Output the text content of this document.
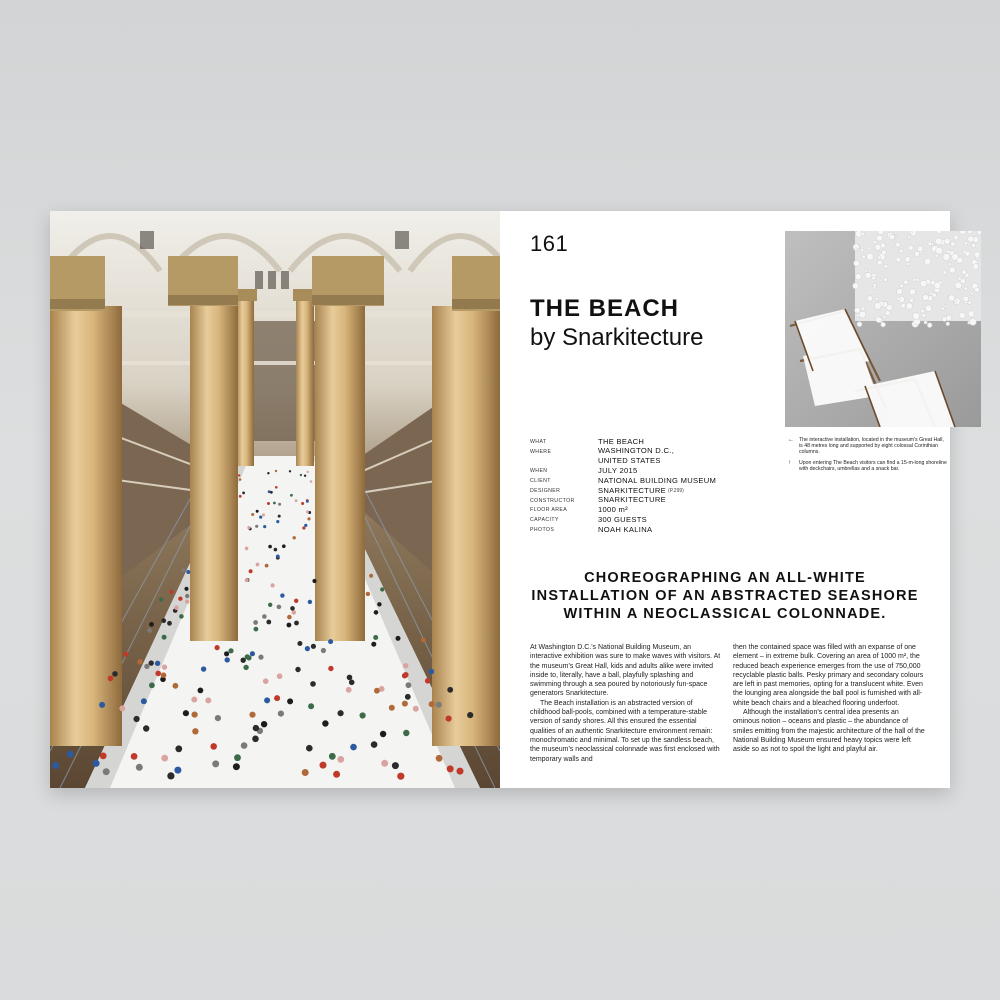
161
THE BEACH
by Snarkitecture
WHAT	THE BEACH
WHERE	WASHINGTON D.C.,
UNITED STATES
WHEN	JULY 2015
CLIENT	NATIONAL BUILDING MUSEUM
DESIGNER	SNARKITECTURE (P.299)
CONSTRUCTOR	SNARKITECTURE
FLOOR AREA	1000 m²
CAPACITY	300 GUESTS
PHOTOS	NOAH KALINA
← The interactive installation, located in the museum's Great Hall, is 48 metres long and supported by eight colossal Corinthian columns.
↑	Upon entering The Beach visitors can find a 15-m-long shoreline with deckchairs, umbrellas and a snack bar.
CHOREOGRAPHING AN ALL-WHITE INSTALLATION OF AN ABSTRACTED SEASHORE WITHIN A NEOCLASSICAL COLONNADE.

At Washington D.C.'s National Building Museum, an interactive exhibition was sure to make waves with visitors. At the museum's Great Hall, kids and adults alike were invited inside to, literally, have a ball, playfully splashing and swimming through a sea poured by notoriously fun-space generators Snarkitecture.

The Beach installation is an abstracted version of childhood ball-pools, combined with a temperature-stable version of sandy shores. All this ensured the essential qualities of an authentic Snarkitecture environment remain: monochromatic and minimal. To set up the sandless beach, the museum's neoclassical colonnade was first enclosed with temporary walls and

then the contained space was filled with an expanse of one element – in extreme bulk. Covering an area of 1000 m², the reduced beach experience emerges from the use of 750,000 recyclable plastic balls. Pesky primary and secondary colours are left in past memories, opting for a translucent white. Even the lounging area alongside the ball pool is furnished with all-white beach chairs and a bleached flooring underfoot.

Although the installation's central idea presents an ominous notion – oceans and plastic – the abundance of smiles emitting from the majestic architecture of the hall of the National Building Museum ensured heavy topics were left aside so as not to spoil the light and playful air.
